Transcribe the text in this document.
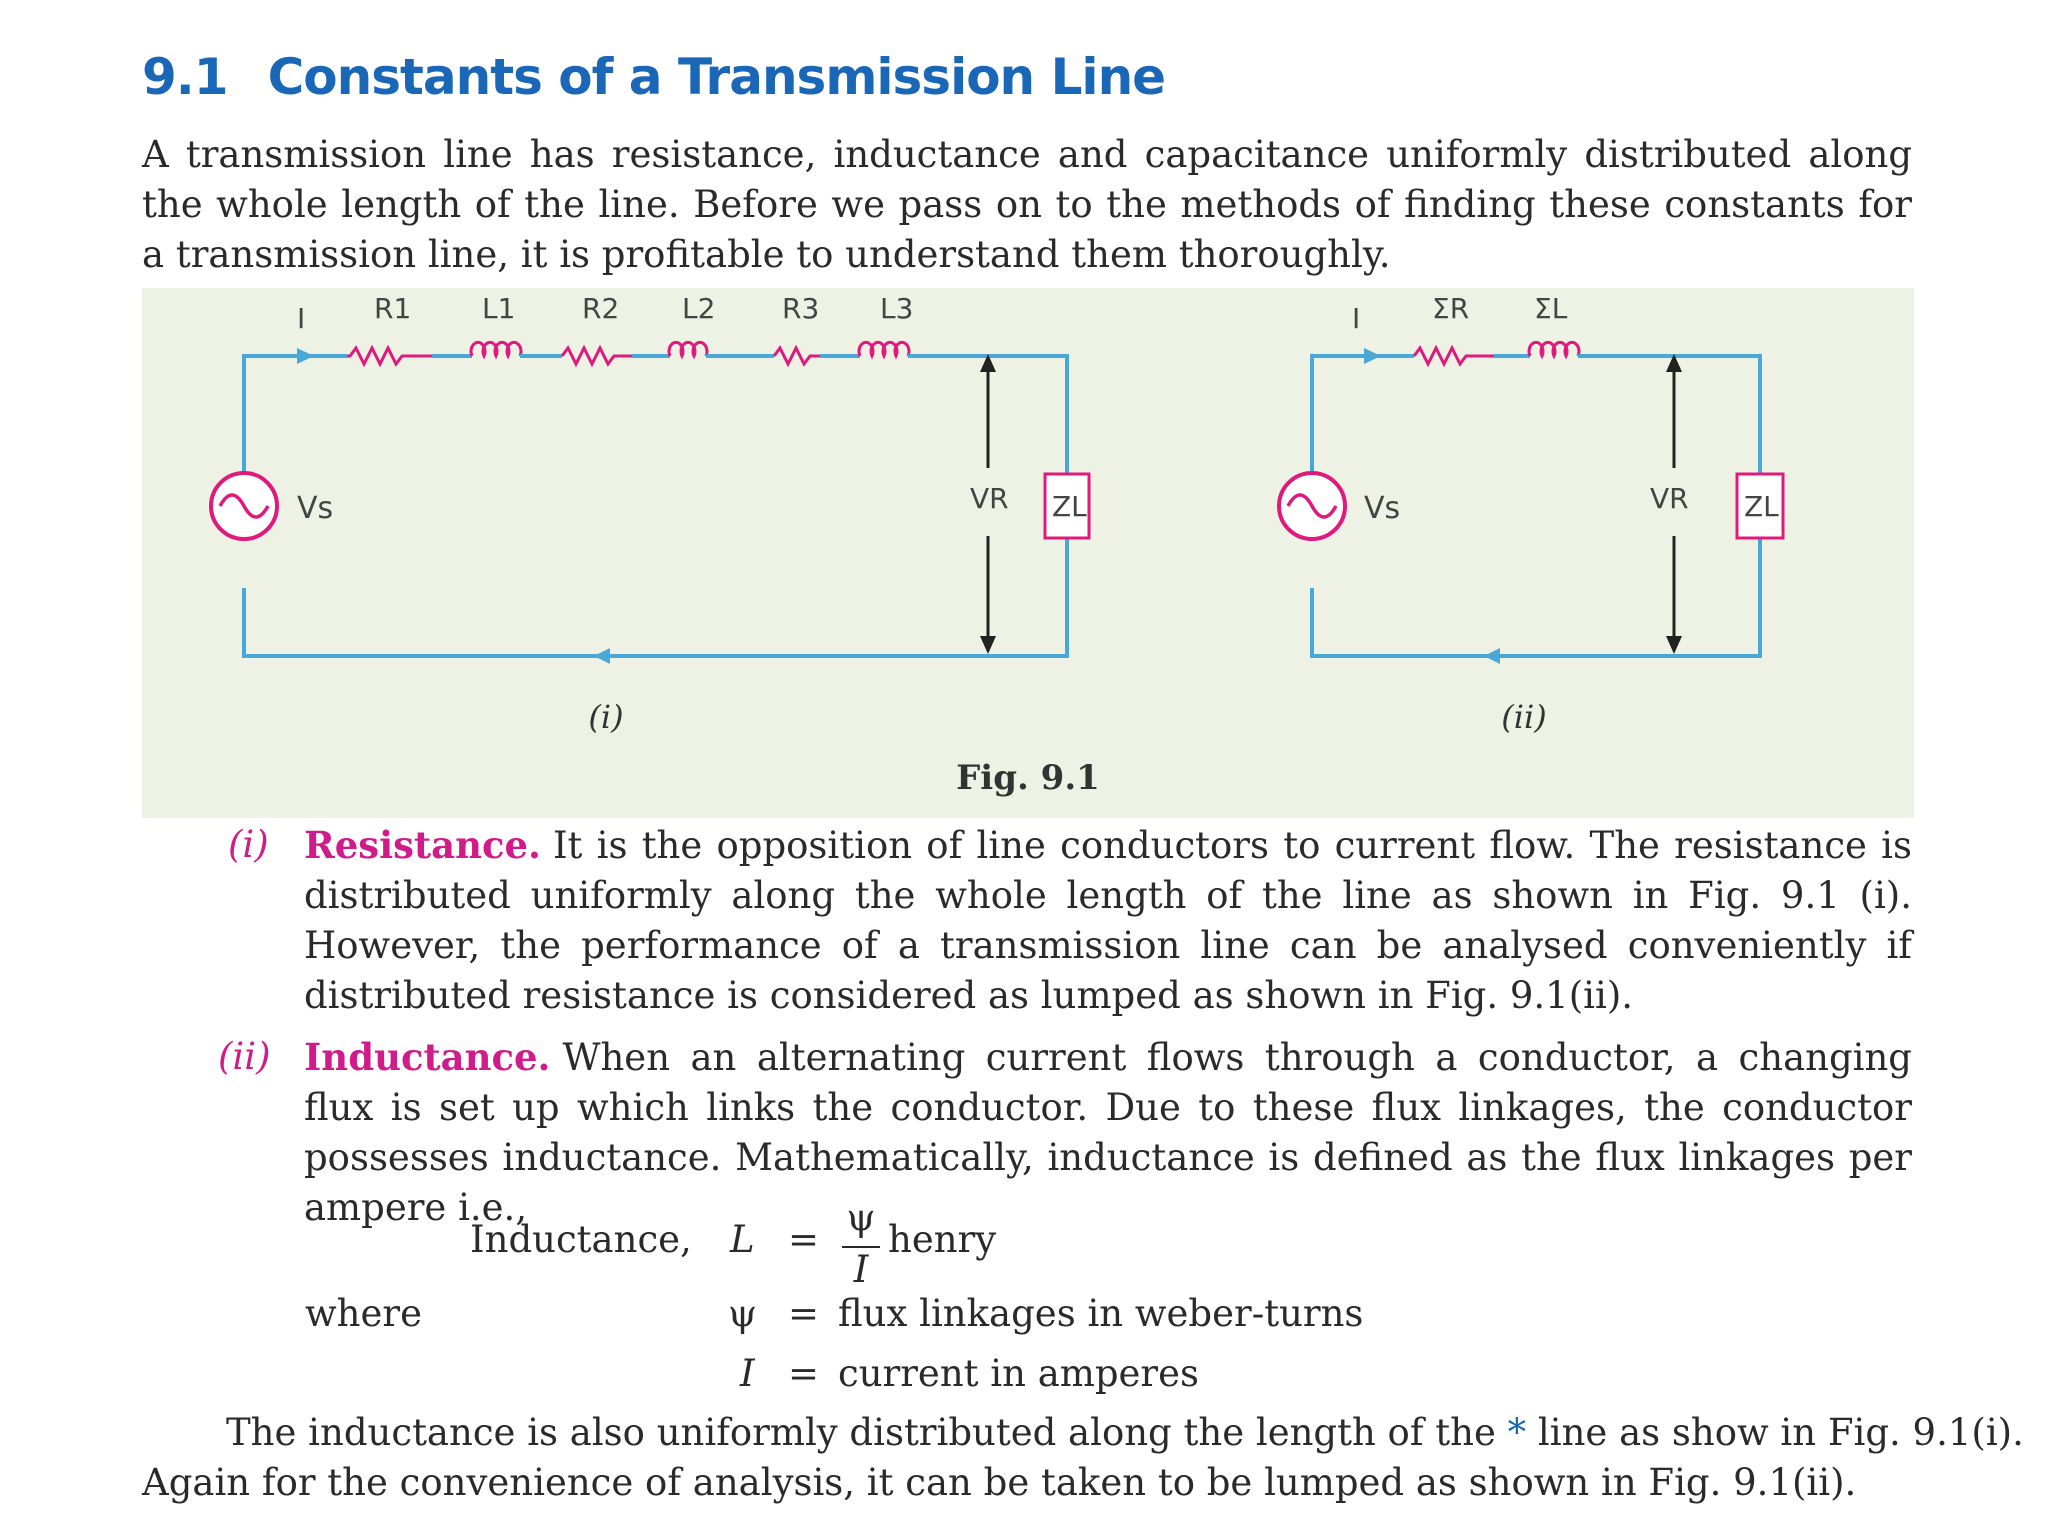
9.1 Constants of a Transmission Line
A transmission line has resistance, inductance and capacitance uniformly distributed along the whole length of the line. Before we pass on to the methods of finding these constants for a transmission line, it is profitable to understand them thoroughly.
I
Vs	VR ZL
R1	L1 R2 L2 R3 L3
(i)
I
Vs	VR ZL
ΣR ΣL
(ii)
Fig. 9.1
(i) Resistance. It is the opposition of line conductors to current flow. The resistance is distributed uniformly along the whole length of the line as shown in Fig. 9.1 (i). However, the performance of a transmission line can be analysed conveniently if distributed resistance is considered as lumped as shown in Fig. 9.1(ii).
(ii) Inductance. When an alternating current flows through a conductor, a changing flux is set up which links the conductor. Due to these flux linkages, the conductor possesses inductance. Mathematically, inductance is defined as the flux linkages per ampere i.e.,
Inductance, L =
ψ
I
henry
where	ψ = flux linkages in weber-turns
I = current in amperes
The inductance is also uniformly distributed along the length of the * line as show in Fig. 9.1(i).
Again for the convenience of analysis, it can be taken to be lumped as shown in Fig. 9.1(ii).
